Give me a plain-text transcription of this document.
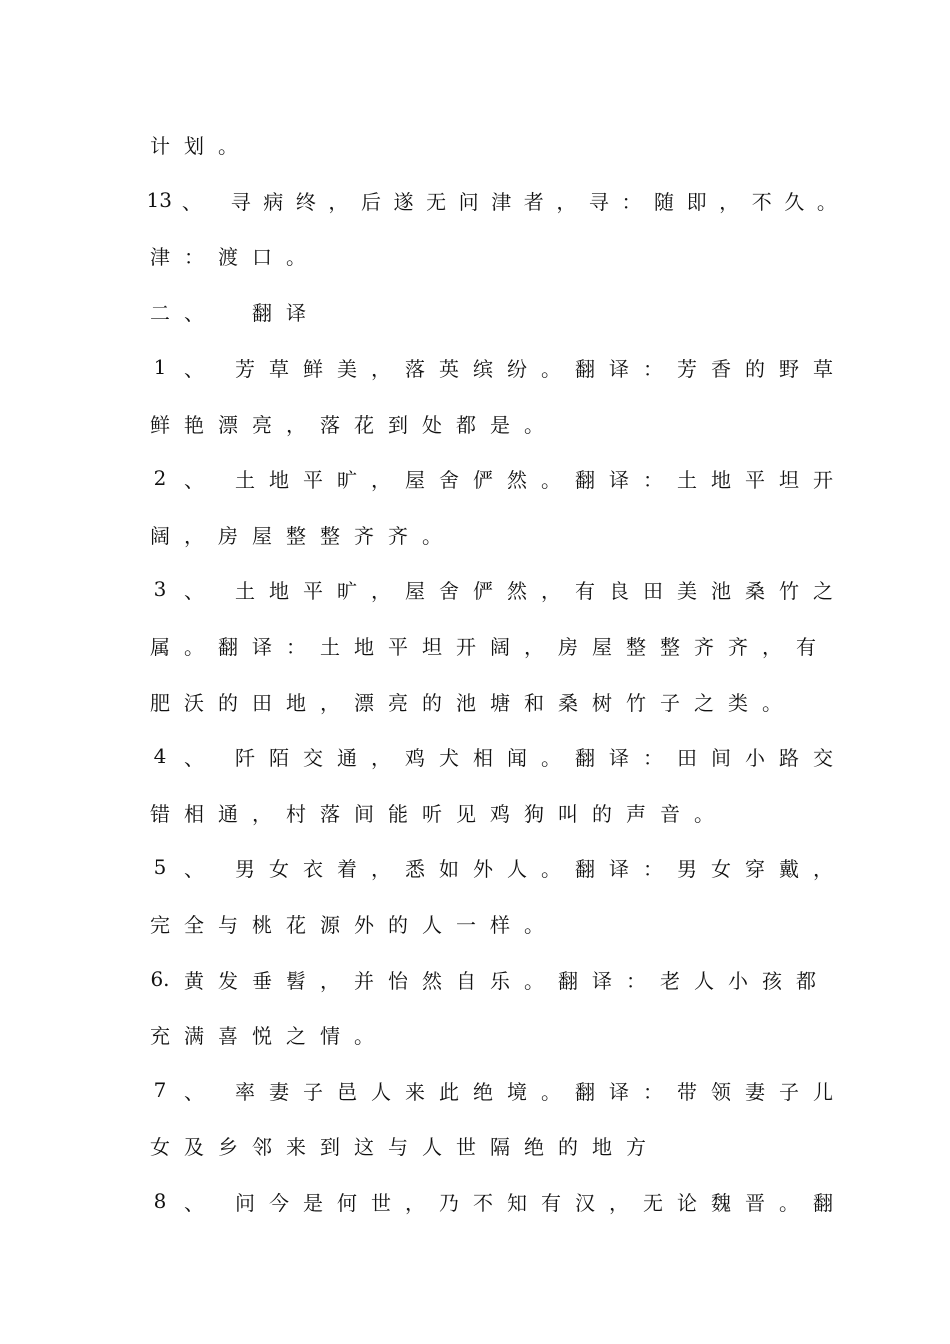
计 划 。
13 、
	寻 病 终 ， 后 遂 无 问 津 者 ， 寻 ： 随 即 ， 不 久 。
津 ： 渡 口 。
二 、

	翻 译
1 、
	芳 草 鲜 美 ， 落 英 缤 纷 。 翻 译 ： 芳 香 的 野 草
鲜 艳 漂 亮 ， 落 花 到 处 都 是 。
2 、
	土 地 平 旷 ， 屋 舍 俨 然 。 翻 译 ： 土 地 平 坦 开
阔 ， 房 屋 整 整 齐 齐 。
3 、
	土 地 平 旷 ， 屋 舍 俨 然 ， 有 良 田 美 池 桑 竹 之
属 。 翻 译 ： 土 地 平 坦 开 阔 ， 房 屋 整 整 齐 齐 ， 有
肥 沃 的 田 地 ， 漂 亮 的 池 塘 和 桑 树 竹 子 之 类 。
4 、
	阡 陌 交 通 ， 鸡 犬 相 闻 。 翻 译 ： 田 间 小 路 交
错 相 通 ， 村 落 间 能 听 见 鸡 狗 叫 的 声 音 。
5 、
	男 女 衣 着 ， 悉 如 外 人 。 翻 译 ： 男 女 穿 戴 ，
完 全 与 桃 花 源 外 的 人 一 样 。
6. 黄 发 垂 髫 ， 并 怡 然 自 乐 。 翻 译 ： 老 人 小 孩 都
充 满 喜 悦 之 情 。
7 、
	率 妻 子 邑 人 来 此 绝 境 。 翻 译 ： 带 领 妻 子 儿
女 及 乡 邻 来 到 这 与 人 世 隔 绝 的 地 方
8 、
	问 今 是 何 世 ， 乃 不 知 有 汉 ， 无 论 魏 晋 。 翻
